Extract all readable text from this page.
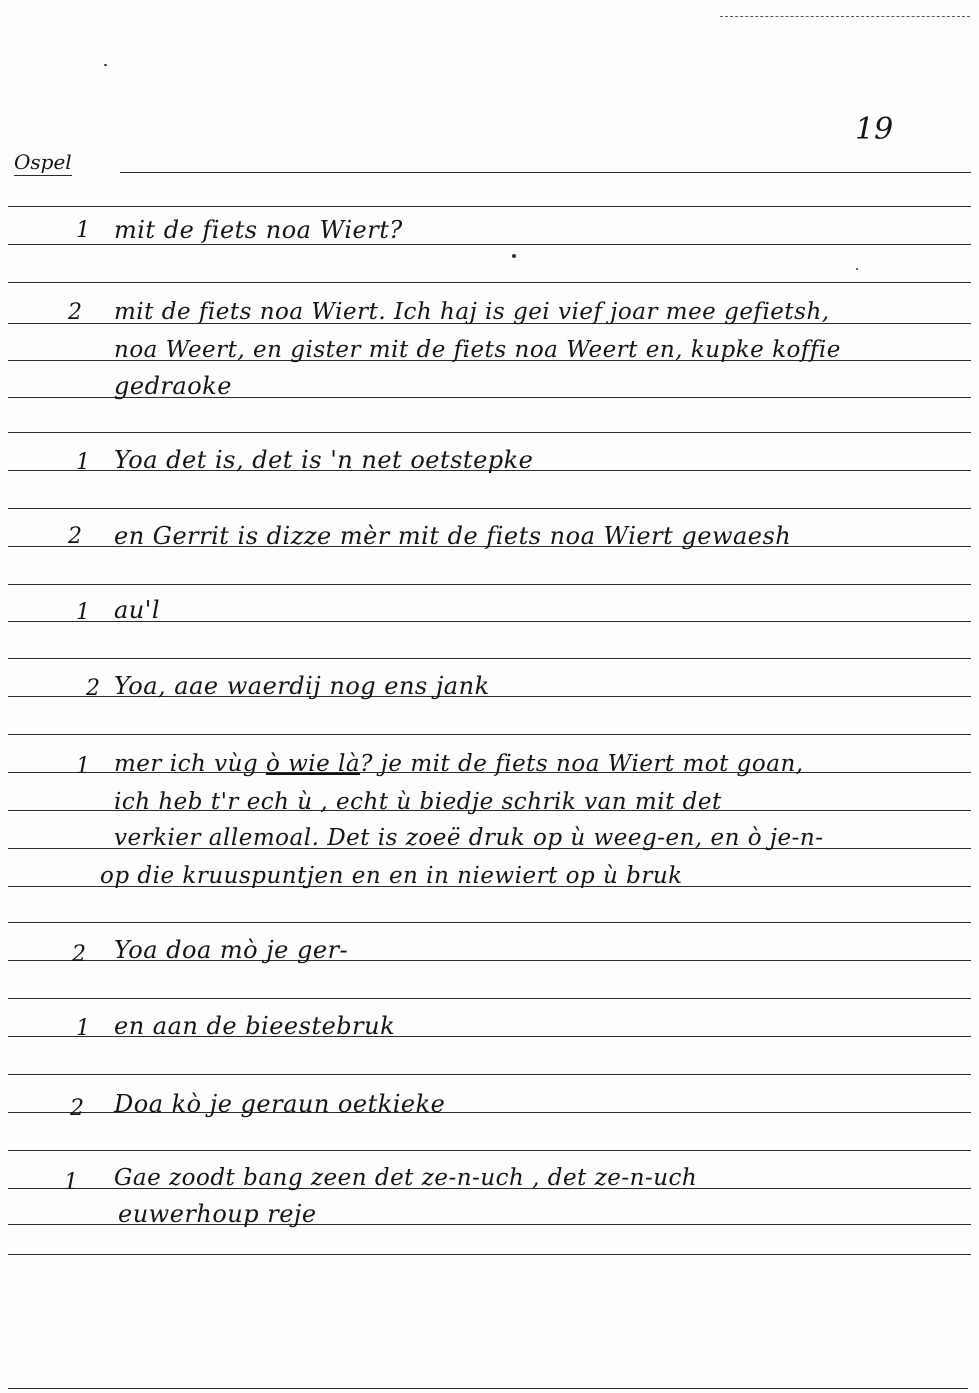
19
Ospel
1 mit de fiets noa Wiert?
2 mit de fiets noa Wiert. Ich haj is gei vief joar mee gefietsh,
noa Weert, en gister mit de fiets noa Weert en, kupke koffie
gedraoke
1 Yoa det is, det is 'n net oetstepke
2 en Gerrit is dizze mèr mit de fiets noa Wiert gewaesh
1 au'l
2 Yoa, aae waerdij nog ens jank
1 mer ich vùg ò wie là? je mit de fiets noa Wiert mot goan,
ich heb t'r ech ù , echt ù biedje schrik van mit det
verkier allemoal. Det is zoeë druk op ù weeg-en, en ò je-n-
op die kruuspuntjen en en in niewiert op ù bruk
2 Yoa doa mò je ger-
1 en aan de bieestebruk
2 Doa kò je geraun oetkieke
1 Gae zoodt bang zeen det ze-n-uch , det ze-n-uch
euwerhoup reje
